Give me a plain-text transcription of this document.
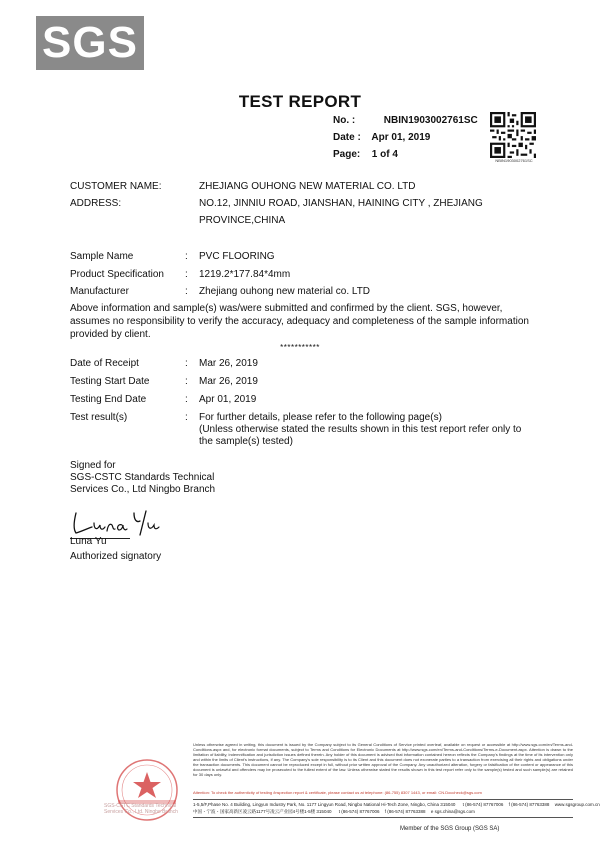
SGS
TEST REPORT
No. :	NBIN1903002761SC
Date : Apr 01, 2019
Page: 1 of 4
NBIN1903002761SC
CUSTOMER NAME:	ZHEJIANG OUHONG NEW MATERIAL CO. LTD
ADDRESS:	NO.12, JINNIU ROAD, JIANSHAN, HAINING CITY , ZHEJIANG
PROVINCE,CHINA
Sample Name	: PVC FLOORING
Product Specification : 1219.2*177.84*4mm
Manufacturer	: Zhejiang ouhong new material co. LTD
Above information and sample(s) was/were submitted and confirmed by the client. SGS, however, assumes no responsibility to verify the accuracy, adequacy and completeness of the sample information provided by client.
***********
Date of Receipt	: Mar 26, 2019
Testing Start Date	: Mar 26, 2019
Testing End Date	: Apr 01, 2019
Test result(s)	: For further details, please refer to the following page(s)
(Unless otherwise stated the results shown in this test report refer only to
the sample(s) tested)
Signed for
SGS-CSTC Standards Technical
Services Co., Ltd Ningbo Branch
Luna Yu
Authorized signatory
SGS-CSTC Standards Technical Services Co., Ltd. Ningbo Branch
Unless otherwise agreed in writing, this document is issued by the Company subject to its General Conditions of Service printed overleaf, available on request or accessible at http://www.sgs.com/en/Terms-and-Conditions.aspx and, for electronic format documents, subject to Terms and Conditions for Electronic Documents at http://www.sgs.com/en/Terms-and-Conditions/Terms-e-Document.aspx. Attention is drawn to the limitation of liability, indemnification and jurisdiction issues defined therein. Any holder of this document is advised that information contained hereon reflects the Company's findings at the time of its intervention only and within the limits of Client's instructions, if any. The Company's sole responsibility is to its Client and this document does not exonerate parties to a transaction from exercising all their rights and obligations under the transaction documents. This document cannot be reproduced except in full, without prior written approval of the Company. Any unauthorized alteration, forgery or falsification of the content or appearance of this document is unlawful and offenders may be prosecuted to the fullest extent of the law. Unless otherwise stated the results shown in this test report refer only to the sample(s) tested and such sample(s) are retained for 30 days only.
Attention: To check the authenticity of testing /inspection report & certificate, please contact us at telephone: (86-755) 8307 1443, or email: CN.Doccheck@sgs.com
1-5,5/F,Phase No. 4 Building, Lingyun Industry Park, No. 1177 Lingyun Road, Ningbo National Hi-Tech Zone, Ningbo, China 315040 t (86-574) 87767006 f (86-574) 87763388 www.sgsgroup.com.cn
中国・宁波・国家高新区凌云路1177号凌云产业园4号楼1-5楼 315040 t (86-574) 87767006 f (86-574) 87763388 e sgs.china@sgs.com
Member of the SGS Group (SGS SA)
